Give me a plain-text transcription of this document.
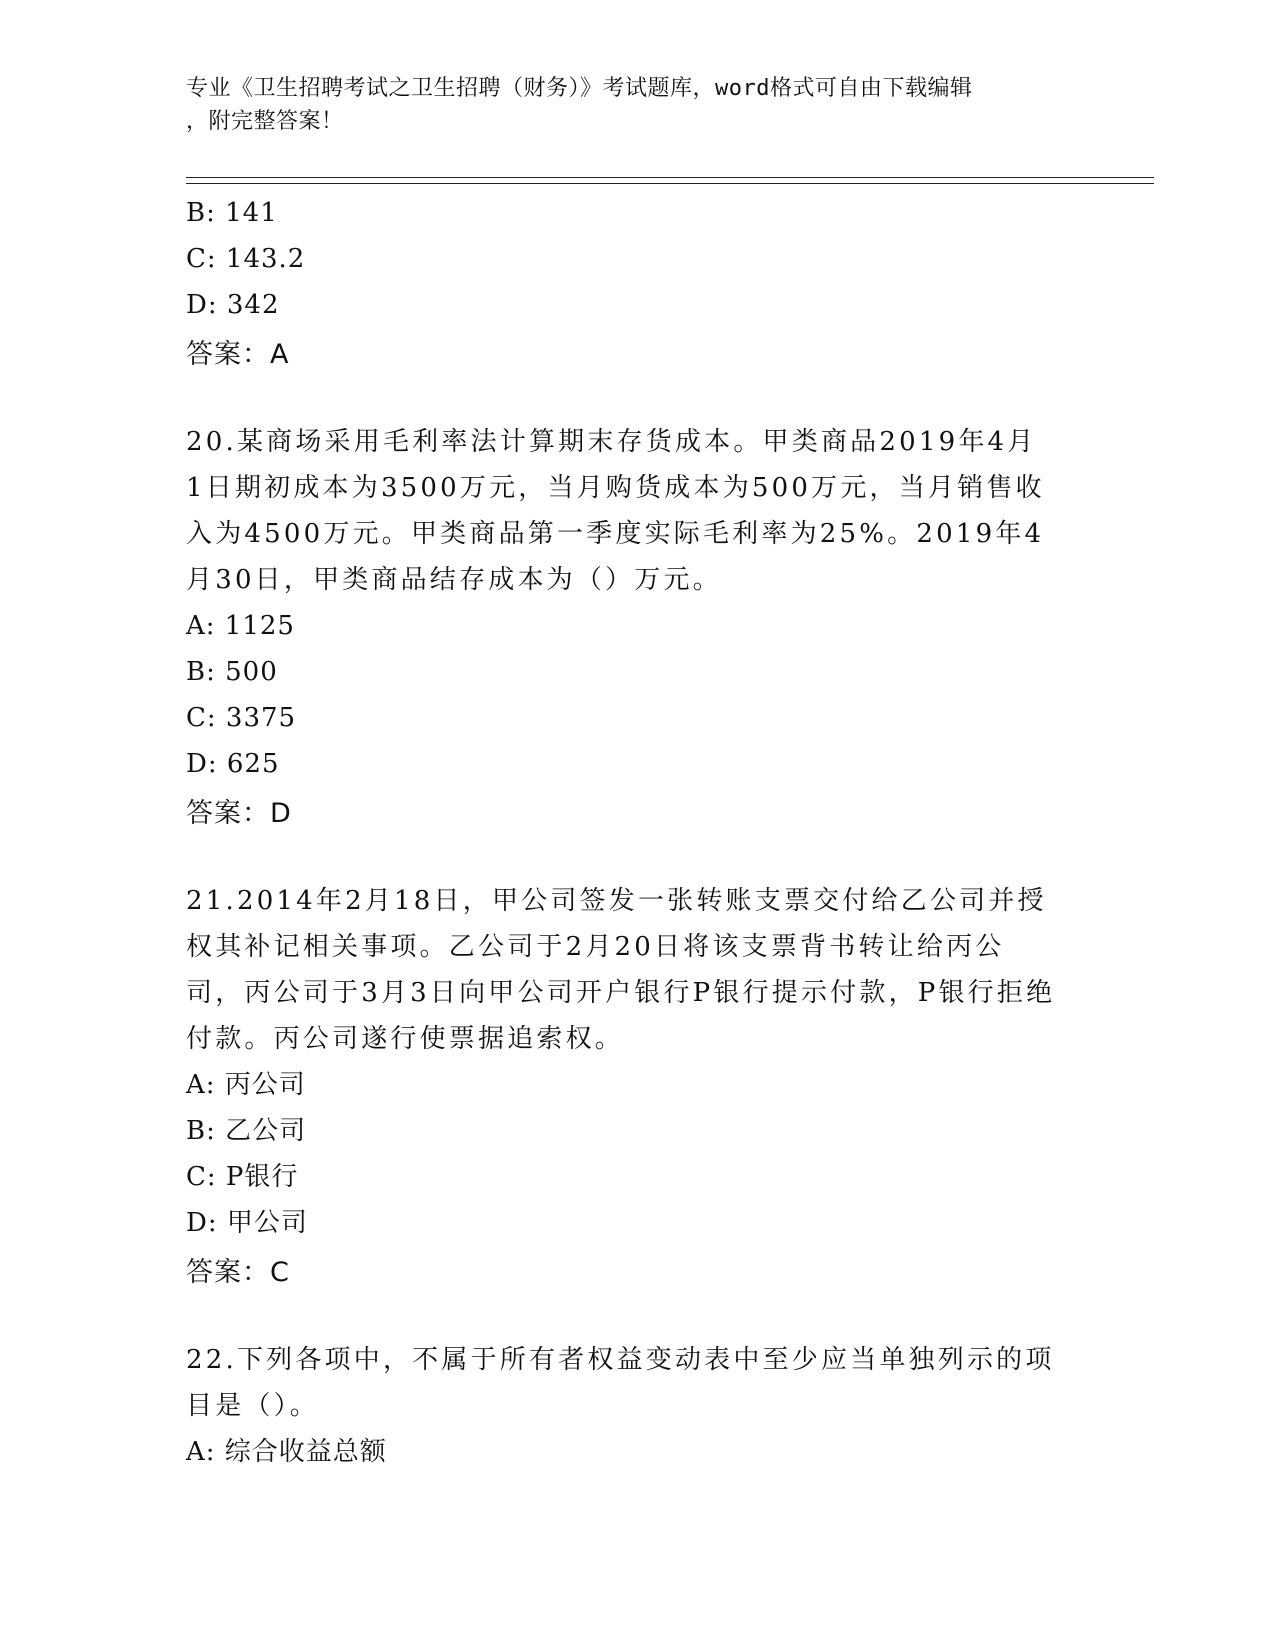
专业《卫生招聘考试之卫生招聘（财务）》考试题库，word格式可自由下载编辑
，附完整答案！
B: 141
C: 143.2
D: 342
答案：A
20.某商场采用毛利率法计算期末存货成本。甲类商品2019年4月1日期初成本为3500万元，当月购货成本为500万元，当月销售收入为4500万元。甲类商品第一季度实际毛利率为25%。2019年4月30日，甲类商品结存成本为（）万元。
A: 1125
B: 500
C: 3375
D: 625
答案：D
21.2014年2月18日，甲公司签发一张转账支票交付给乙公司并授权其补记相关事项。乙公司于2月20日将该支票背书转让给丙公司，丙公司于3月3日向甲公司开户银行P银行提示付款，P银行拒绝付款。丙公司遂行使票据追索权。
A: 丙公司
B: 乙公司
C: P银行
D: 甲公司
答案：C
22.下列各项中，不属于所有者权益变动表中至少应当单独列示的项目是（）。
A: 综合收益总额
